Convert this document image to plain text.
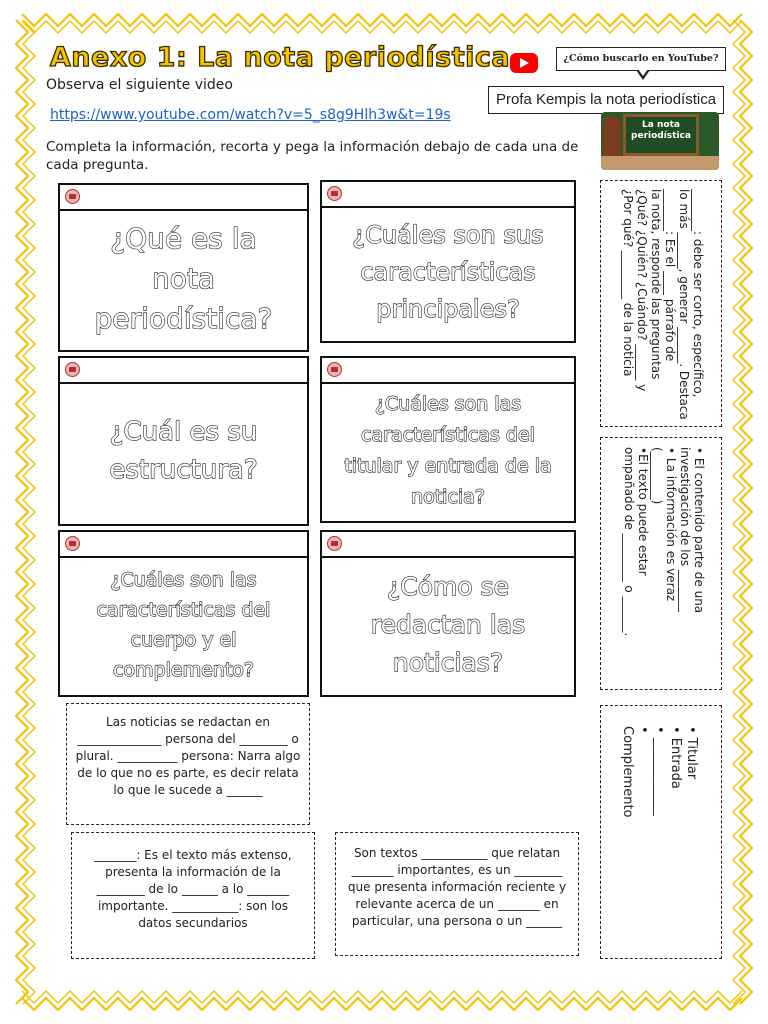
Anexo 1: La nota periodística
Observa el siguiente video
https://www.youtube.com/watch?v=5_s8g9Hlh3w&t=19s
Completa la información, recorta y pega la información debajo de cada una de cada pregunta.
¿Cómo buscarlo en YouTube?
Profa Kempis la nota periodística
La nota periodística
¿Qué es la nota periodística?
¿Cuáles son sus características principales?
¿Cuál es su estructura?
¿Cuáles son las características del titular y entrada de la noticia?
¿Cuáles son las características del cuerpo y el complemento?
¿Cómo se redactan las noticias?
Las noticias se redactan en ______________ persona del ________ o plural. __________ persona: Narra algo de lo que no es parte, es decir relata lo que le sucede a ______
_______: Es el texto más extenso, presenta la información de la ________ de lo ______ a lo _______ importante. ___________: son los datos secundarios
Son textos ___________ que relatan _______ importantes, es un ________ que presenta información reciente y relevante acerca de un _______ en particular, una persona o un ______
_______: debe ser corto, específico,
lo más ______, generar ______. Destaca
_______: Es el ____ párrafo de
la nota, responde las preguntas
¿Qué? ¿Quién? ¿Cuándo? ______ y
¿Por qué? ________ de la noticia
• El contenido parte de una
investigación de los _______
• La información es veraz
(________)
•El texto puede estar
ompañado de ________ o ______.
• Titular
• Entrada
• ____________
•
Complemento
